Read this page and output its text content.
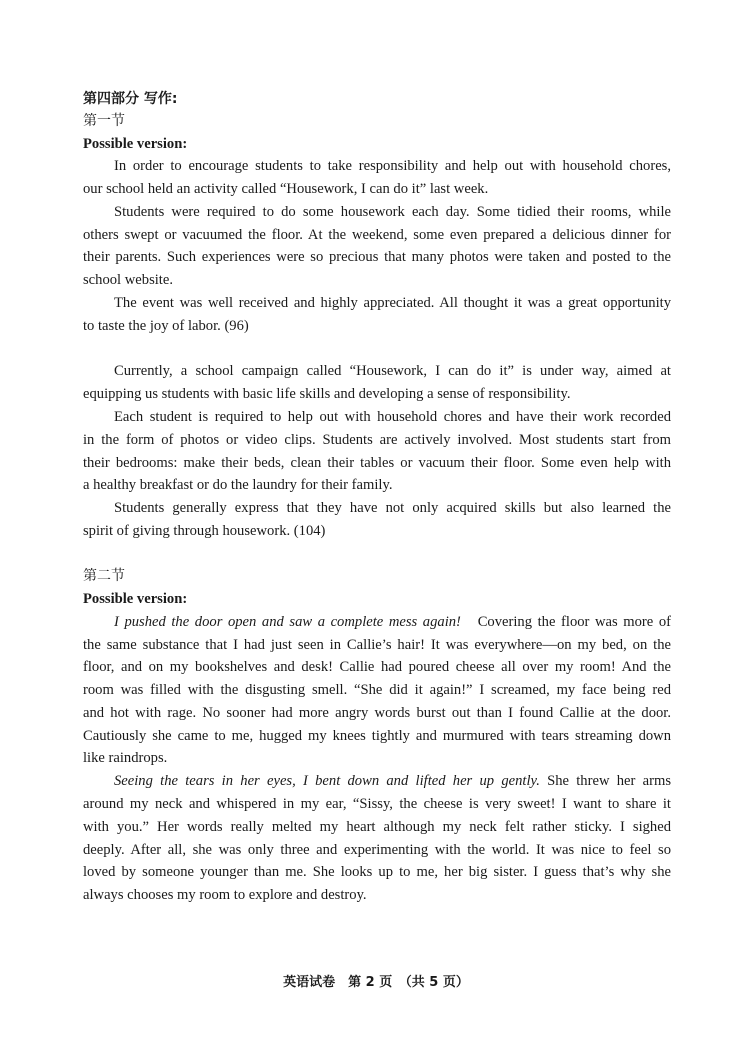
第四部分 写作:
第一节
Possible version:
In order to encourage students to take responsibility and help out with household chores,
our school held an activity called “Housework, I can do it” last week.
Students were required to do some housework each day. Some tidied their rooms, while
others swept or vacuumed the floor. At the weekend, some even prepared a delicious dinner for
their parents. Such experiences were so precious that many photos were taken and posted to the
school website.
The event was well received and highly appreciated. All thought it was a great opportunity
to taste the joy of labor. (96)
Currently, a school campaign called “Housework, I can do it” is under way, aimed at
equipping us students with basic life skills and developing a sense of responsibility.
Each student is required to help out with household chores and have their work recorded
in the form of photos or video clips. Students are actively involved. Most students start from
their bedrooms: make their beds, clean their tables or vacuum their floor. Some even help with
a healthy breakfast or do the laundry for their family.
Students generally express that they have not only acquired skills but also learned the
spirit of giving through housework. (104)
第二节
Possible version:
I pushed the door open and saw a complete mess again! Covering the floor was more of
the same substance that I had just seen in Callie’s hair! It was everywhere—on my bed, on the
floor, and on my bookshelves and desk! Callie had poured cheese all over my room! And the
room was filled with the disgusting smell. “She did it again!” I screamed, my face being red
and hot with rage. No sooner had more angry words burst out than I found Callie at the door.
Cautiously she came to me, hugged my knees tightly and murmured with tears streaming down
like raindrops.
Seeing the tears in her eyes, I bent down and lifted her up gently. She threw her arms
around my neck and whispered in my ear, “Sissy, the cheese is very sweet! I want to share it
with you.” Her words really melted my heart although my neck felt rather sticky. I sighed
deeply. After all, she was only three and experimenting with the world. It was nice to feel so
loved by someone younger than me. She looks up to me, her big sister. I guess that’s why she
always chooses my room to explore and destroy.
英语试卷　第 2 页　（共 5 页）
